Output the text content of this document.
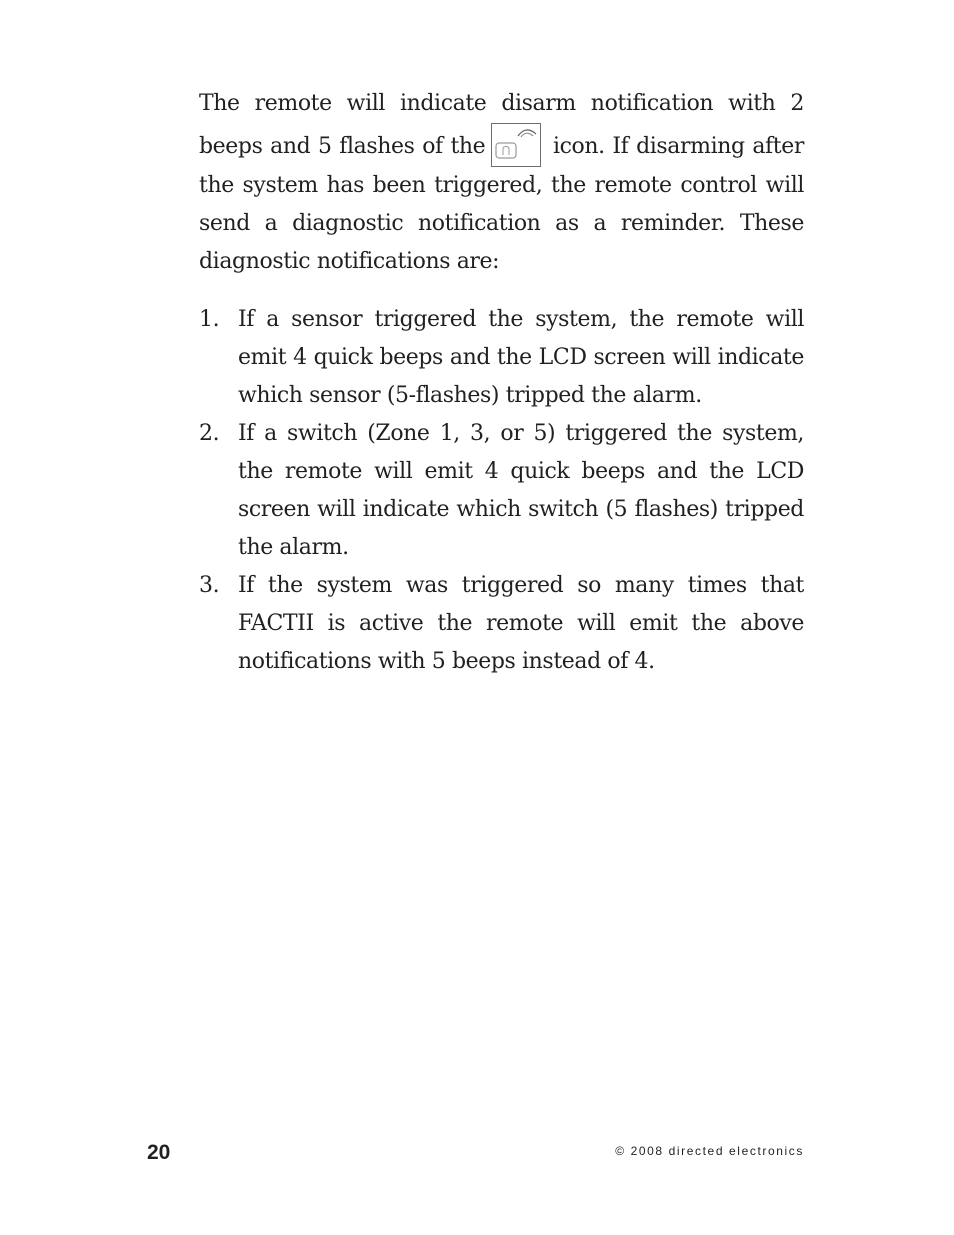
The remote will indicate disarm notification with 2 beeps and 5 flashes of the	icon. If disarming after the system has been triggered, the remote control will send a diagnostic notification as a reminder. These diagnostic notifications are:

1. If a sensor triggered the system, the remote will emit 4 quick beeps and the LCD screen will indicate which sensor (5-flashes) tripped the alarm.
2. If a switch (Zone 1, 3, or 5) triggered the system, the remote will emit 4 quick beeps and the LCD screen will indicate which switch (5 flashes) tripped the alarm.
3. If the system was triggered so many times that FACTII is active the remote will emit the above notifications with 5 beeps instead of 4.
20	© 2008 directed electronics
